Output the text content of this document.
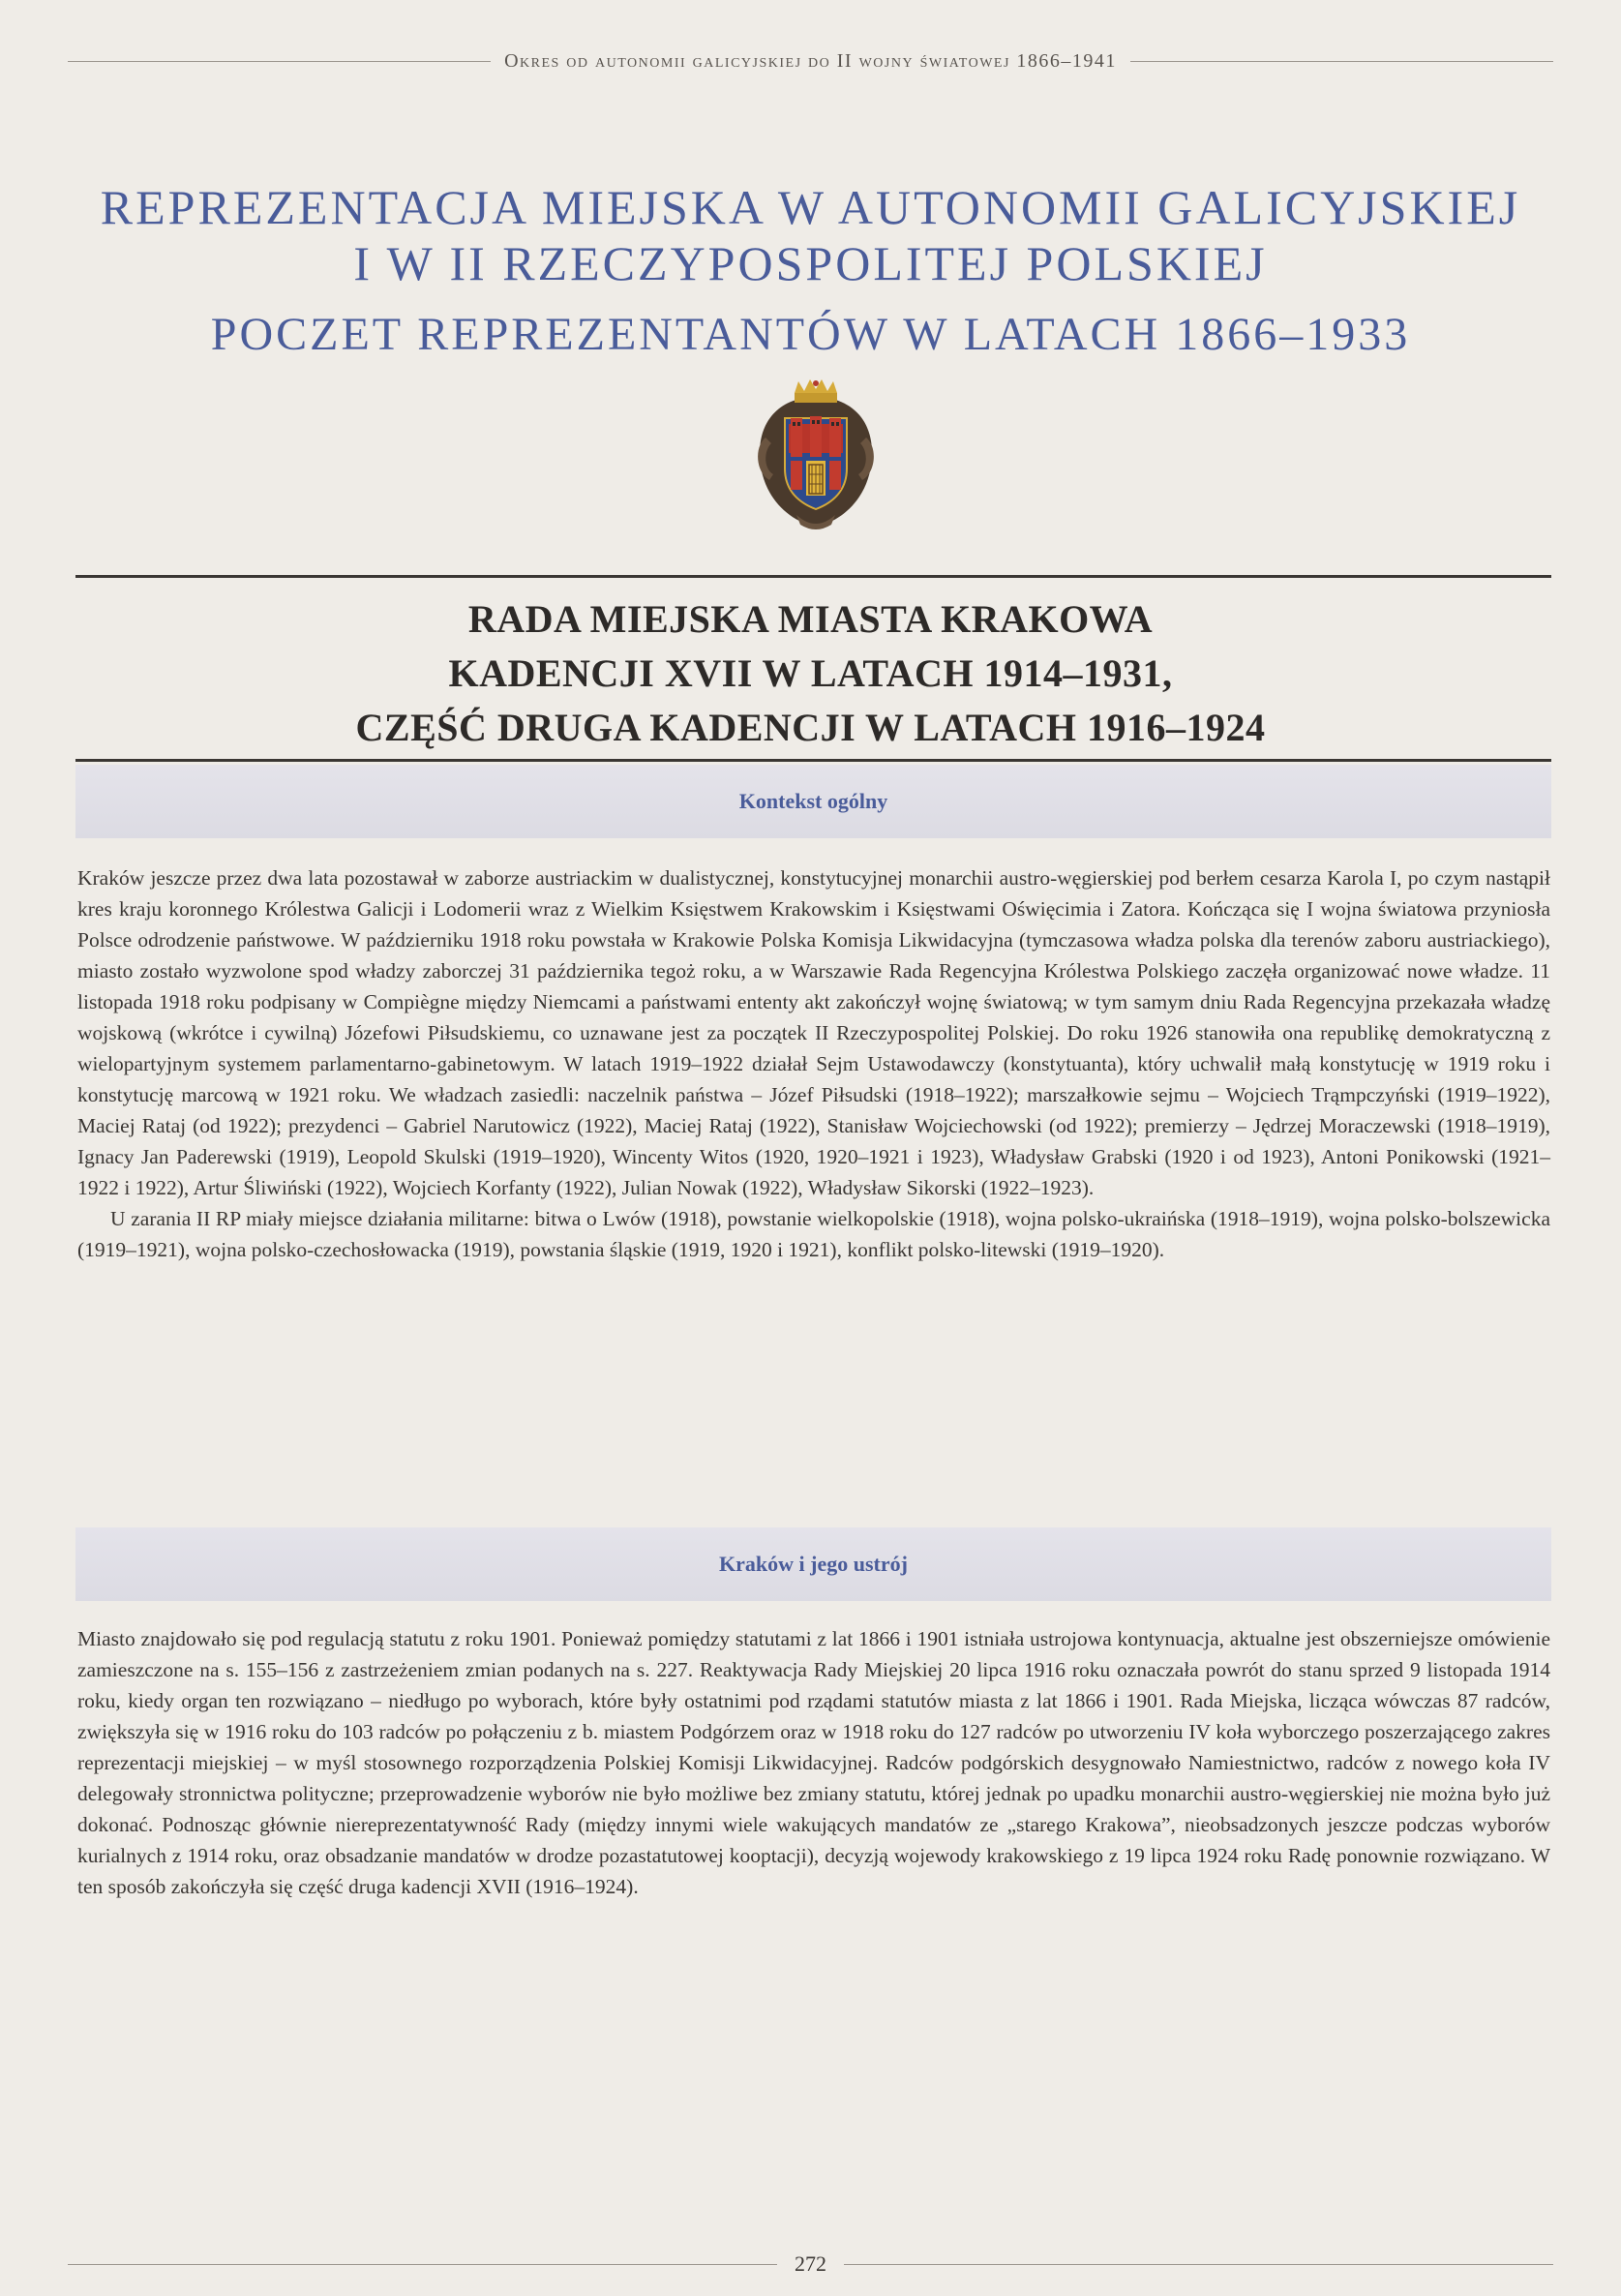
Okres od autonomii galicyjskiej do II wojny światowej 1866–1941
REPREZENTACJA MIEJSKA W AUTONOMII GALICYJSKIEJ
I W II RZECZYPOSPOLITEJ POLSKIEJ
POCZET REPREZENTANTÓW W LATACH 1866–1933
RADA MIEJSKA MIASTA KRAKOWA
KADENCJI XVII W LATACH 1914–1931,
CZĘŚĆ DRUGA KADENCJI W LATACH 1916–1924
Kontekst ogólny

Kraków jeszcze przez dwa lata pozostawał w zaborze austriackim w dualistycznej, konstytucyjnej monarchii austro-węgierskiej pod berłem cesarza Karola I, po czym nastąpił kres kraju koronnego Królestwa Galicji i Lodomerii wraz z Wielkim Księstwem Krakowskim i Księstwami Oświęcimia i Zatora. Kończąca się I wojna światowa przyniosła Polsce odrodzenie państwowe. W październiku 1918 roku powstała w Krakowie Polska Komisja Likwidacyjna (tymczasowa władza polska dla terenów zaboru austriackiego), miasto zostało wyzwolone spod władzy zaborczej 31 października tegoż roku, a w Warszawie Rada Regencyjna Królestwa Polskiego zaczęła organizować nowe władze. 11 listopada 1918 roku podpisany w Compiègne między Niemcami a państwami ententy akt zakończył wojnę światową; w tym samym dniu Rada Regencyjna przekazała władzę wojskową (wkrótce i cywilną) Józefowi Piłsudskiemu, co uznawane jest za początek II Rzeczypospolitej Polskiej. Do roku 1926 stanowiła ona republikę demokratyczną z wielopartyjnym systemem parlamentarno-gabinetowym. W latach 1919–1922 działał Sejm Ustawodawczy (konstytuanta), który uchwalił małą konstytucję w 1919 roku i konstytucję marcową w 1921 roku. We władzach zasiedli: naczelnik państwa – Józef Piłsudski (1918–1922); marszałkowie sejmu – Wojciech Trąmpczyński (1919–1922), Maciej Rataj (od 1922); prezydenci – Gabriel Narutowicz (1922), Maciej Rataj (1922), Stanisław Wojciechowski (od 1922); premierzy – Jędrzej Moraczewski (1918–1919), Ignacy Jan Paderewski (1919), Leopold Skulski (1919–1920), Wincenty Witos (1920, 1920–1921 i 1923), Władysław Grabski (1920 i od 1923), Antoni Ponikowski (1921–1922 i 1922), Artur Śliwiński (1922), Wojciech Korfanty (1922), Julian Nowak (1922), Władysław Sikorski (1922–1923).

U zarania II RP miały miejsce działania militarne: bitwa o Lwów (1918), powstanie wielkopolskie (1918), wojna polsko-ukraińska (1918–1919), wojna polsko-bolszewicka (1919–1921), wojna polsko-czechosłowacka (1919), powstania śląskie (1919, 1920 i 1921), konflikt polsko-litewski (1919–1920).

Kraków i jego ustrój

Miasto znajdowało się pod regulacją statutu z roku 1901. Ponieważ pomiędzy statutami z lat 1866 i 1901 istniała ustrojowa kontynuacja, aktualne jest obszerniejsze omówienie zamieszczone na s. 155–156 z zastrzeżeniem zmian podanych na s. 227. Reaktywacja Rady Miejskiej 20 lipca 1916 roku oznaczała powrót do stanu sprzed 9 listopada 1914 roku, kiedy organ ten rozwiązano – niedługo po wyborach, które były ostatnimi pod rządami statutów miasta z lat 1866 i 1901. Rada Miejska, licząca wówczas 87 radców, zwiększyła się w 1916 roku do 103 radców po połączeniu z b. miastem Podgórzem oraz w 1918 roku do 127 radców po utworzeniu IV koła wyborczego poszerzającego zakres reprezentacji miejskiej – w myśl stosownego rozporządzenia Polskiej Komisji Likwidacyjnej. Radców podgórskich desygnowało Namiestnictwo, radców z nowego koła IV delegowały stronnictwa polityczne; przeprowadzenie wyborów nie było możliwe bez zmiany statutu, której jednak po upadku monarchii austro-węgierskiej nie można było już dokonać. Podnosząc głównie niereprezentatywność Rady (między innymi wiele wakujących mandatów ze „starego Krakowa”, nieobsadzonych jeszcze podczas wyborów kurialnych z 1914 roku, oraz obsadzanie mandatów w drodze pozastatutowej kooptacji), decyzją wojewody krakowskiego z 19 lipca 1924 roku Radę ponownie rozwiązano. W ten sposób zakończyła się część druga kadencji XVII (1916–1924).

272
